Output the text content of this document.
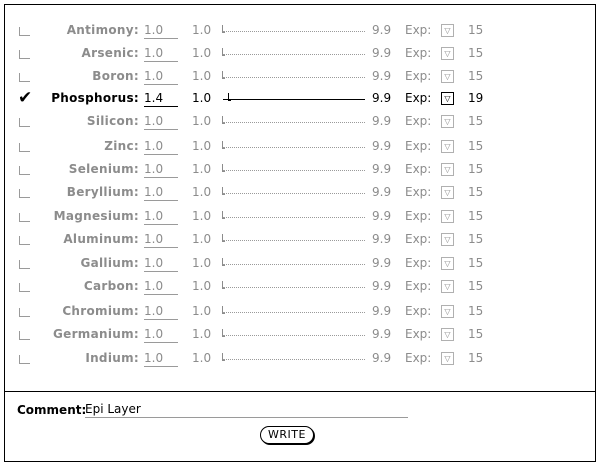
Antimony: 1.0	1.0	9.9 Exp:	▽ 15
Arsenic: 1.0	1.0	9.9 Exp:	▽ 15
Boron: 1.0	1.0	9.9 Exp:	▽ 15
✔	Phosphorus: 1.4	1.0	9.9 Exp:	▽ 19
Silicon: 1.0	1.0	9.9 Exp:	▽ 15
Zinc: 1.0	1.0	9.9 Exp:	▽ 15
Selenium: 1.0	1.0	9.9 Exp:	▽ 15
Beryllium: 1.0	1.0	9.9 Exp:	▽ 15
Magnesium: 1.0	1.0	9.9 Exp:	▽ 15
Aluminum: 1.0	1.0	9.9 Exp:	▽ 15
Gallium: 1.0	1.0	9.9 Exp:	▽ 15
Carbon: 1.0	1.0	9.9 Exp:	▽ 15
Chromium: 1.0	1.0	9.9 Exp:	▽ 15
Germanium: 1.0	1.0	9.9 Exp:	▽ 15
Indium: 1.0	1.0	9.9 Exp:	▽ 15
Comment:
Epi Layer
WRITE
